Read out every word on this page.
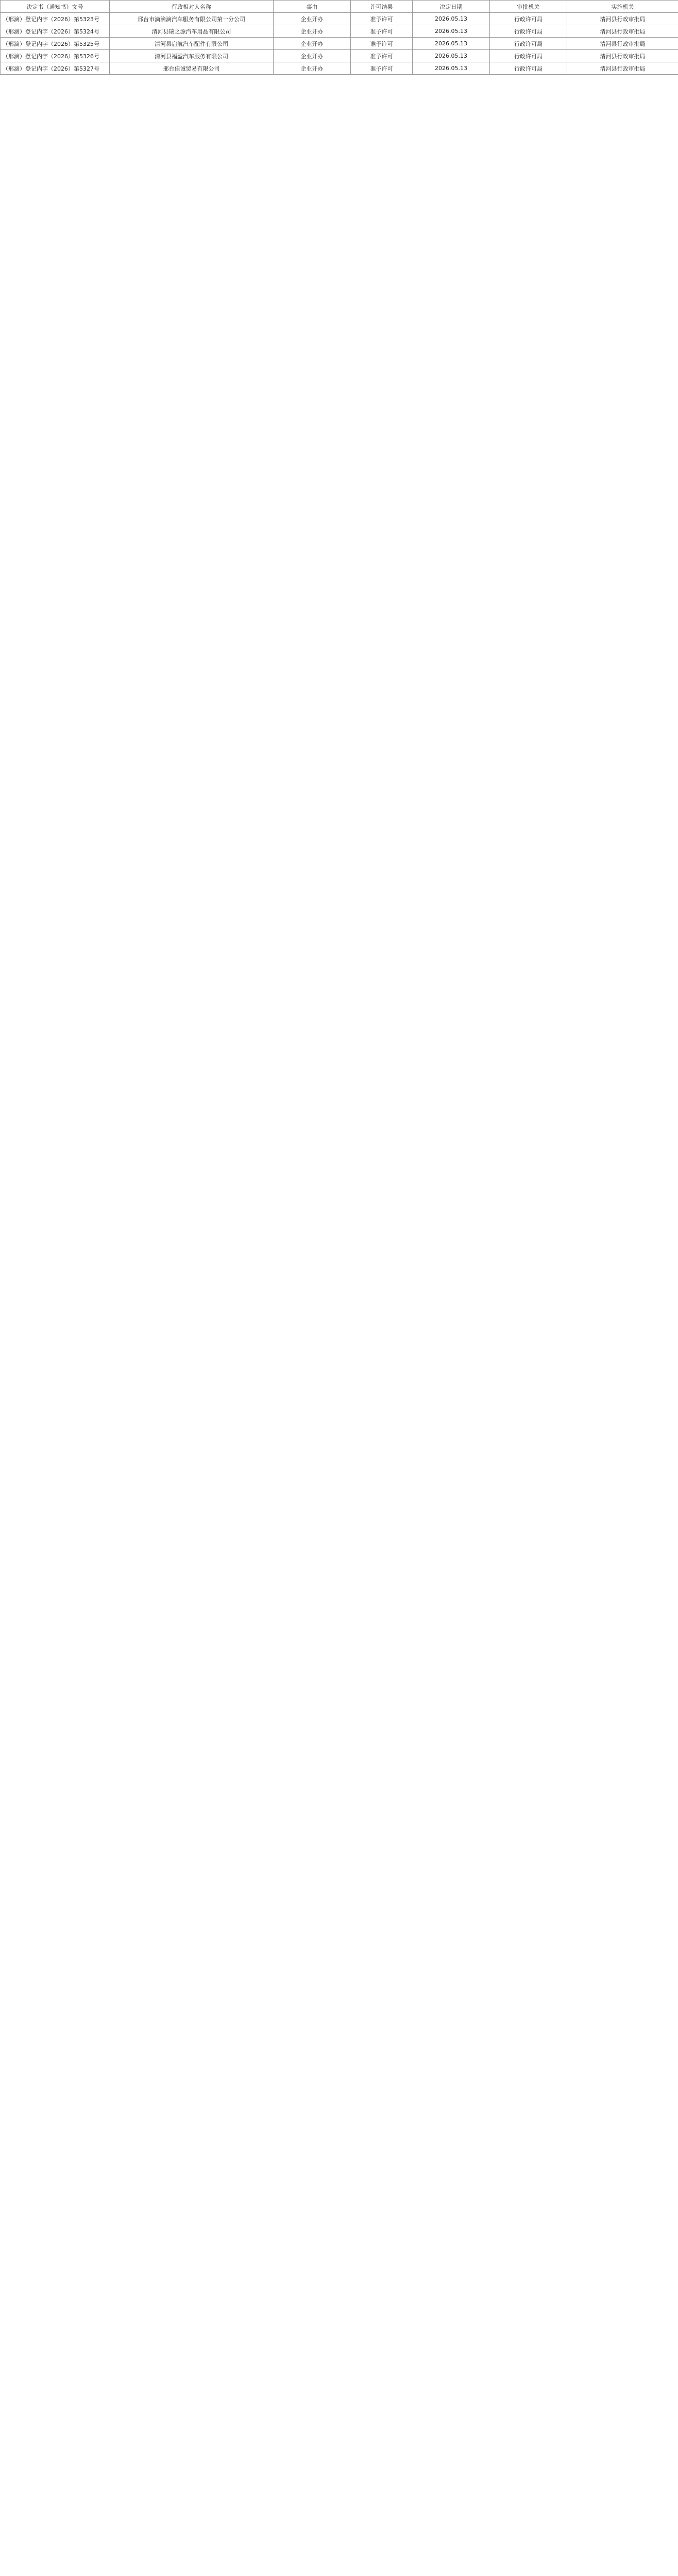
决定书（通知书）文号	行政相对人名称	事由	许可结果	决定日期	审批机关	实施机关
（邢滴）登记内字（2026）第5323号	邢台市滴滴滴汽车服务有限公司第一分公司	企业开办	准予许可	2026.05.13	行政许可局	清河县行政审批局
（邢滴）登记内字（2026）第5324号	清河县瑞之源汽车用品有限公司	企业开办	准予许可	2026.05.13	行政许可局	清河县行政审批局
（邢滴）登记内字（2026）第5325号	清河县启航汽车配件有限公司	企业开办	准予许可	2026.05.13	行政许可局	清河县行政审批局
（邢滴）登记内字（2026）第5326号	清河县福盈汽车服务有限公司	企业开办	准予许可	2026.05.13	行政许可局	清河县行政审批局
（邢滴）登记内字（2026）第5327号	邢台佳诚贸易有限公司	企业开办	准予许可	2026.05.13	行政许可局	清河县行政审批局
